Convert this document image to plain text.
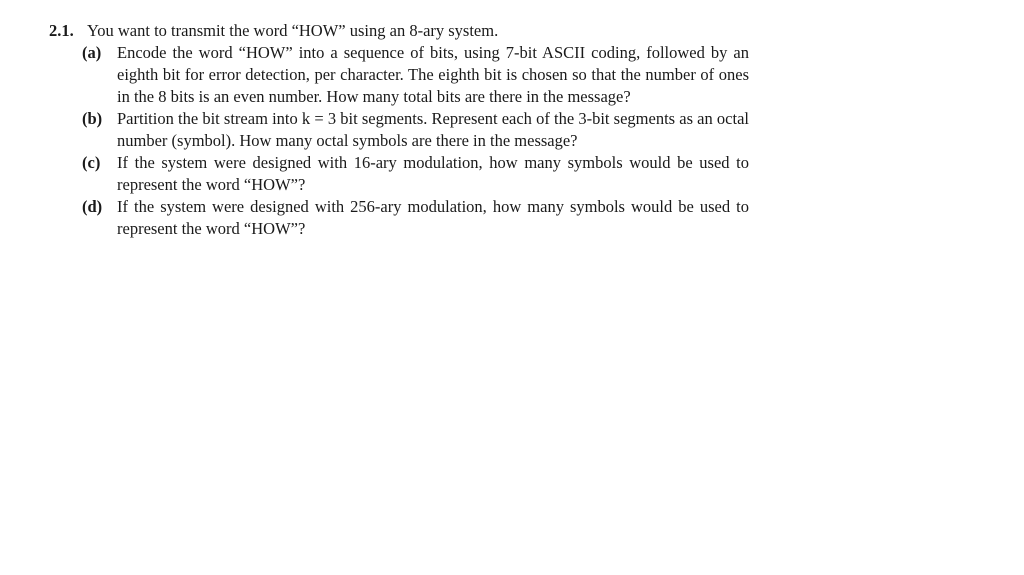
2.1. You want to transmit the word “HOW” using an 8-ary system.
(a) Encode the word “HOW” into a sequence of bits, using 7-bit ASCII coding, followed by an eighth bit for error detection, per character. The eighth bit is chosen so that the number of ones in the 8 bits is an even number. How many total bits are there in the message?
(b) Partition the bit stream into k = 3 bit segments. Represent each of the 3-bit segments as an octal number (symbol). How many octal symbols are there in the message?
(c)	If the system were designed with 16-ary modulation, how many symbols would be used to represent the word “HOW”?
(d) If the system were designed with 256-ary modulation, how many symbols would be used to represent the word “HOW”?
